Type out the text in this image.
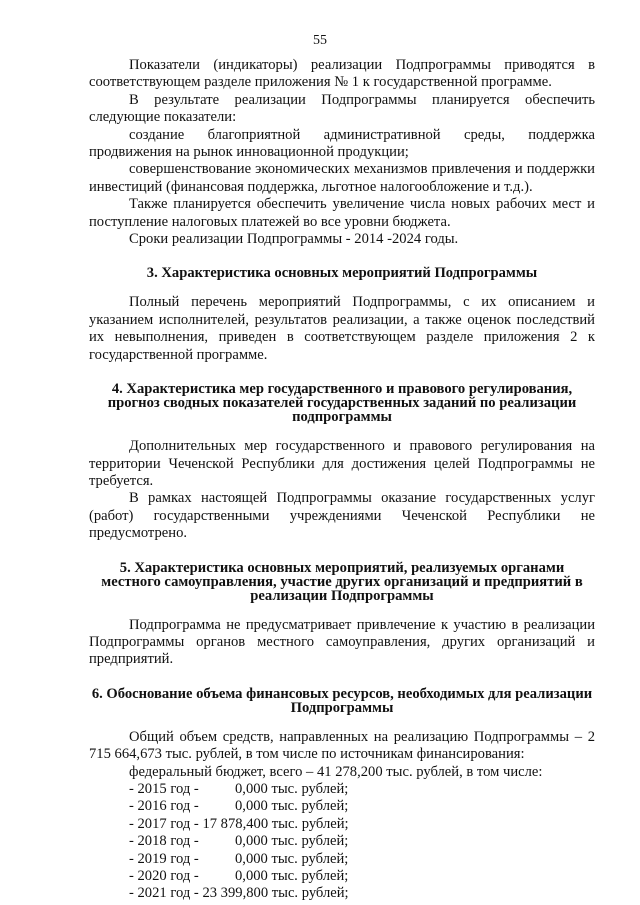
55

Показатели (индикаторы) реализации Подпрограммы приводятся в соответствующем разделе приложения № 1 к государственной программе.

В результате реализации Подпрограммы планируется обеспечить следующие показатели:

создание благоприятной административной среды, поддержка продвижения на рынок инновационной продукции;

совершенствование экономических механизмов привлечения и поддержки инвестиций (финансовая поддержка, льготное налогообложение и т.д.).

Также планируется обеспечить увеличение числа новых рабочих мест и поступление налоговых платежей во все уровни бюджета.

Сроки реализации Подпрограммы - 2014 -2024 годы.

3. Характеристика основных мероприятий Подпрограммы

Полный перечень мероприятий Подпрограммы, с их описанием и указанием исполнителей, результатов реализации, а также оценок последствий их невыполнения, приведен в соответствующем разделе приложения 2 к государственной программе.

4. Характеристика мер государственного и правового регулирования, прогноз сводных показателей государственных заданий по реализации подпрограммы

Дополнительных мер государственного и правового регулирования на территории Чеченской Республики для достижения целей Подпрограммы не требуется.

В рамках настоящей Подпрограммы оказание государственных услуг (работ) государственными учреждениями Чеченской Республики не предусмотрено.

5. Характеристика основных мероприятий, реализуемых органами местного самоуправления, участие других организаций и предприятий в реализации Подпрограммы

Подпрограмма не предусматривает привлечение к участию в реализации Подпрограммы органов местного самоуправления, других организаций и предприятий.

6. Обоснование объема финансовых ресурсов, необходимых для реализации Подпрограммы

Общий объем средств, направленных на реализацию Подпрограммы – 2 715 664,673 тыс. рублей, в том числе по источникам финансирования:

федеральный бюджет, всего – 41 278,200 тыс. рублей, в том числе:

- 2015 год - 0,000 тыс. рублей;
- 2016 год - 0,000 тыс. рублей;
- 2017 год - 17 878,400 тыс. рублей;
- 2018 год - 0,000 тыс. рублей;
- 2019 год - 0,000 тыс. рублей;
- 2020 год - 0,000 тыс. рублей;
- 2021 год - 23 399,800 тыс. рублей;
